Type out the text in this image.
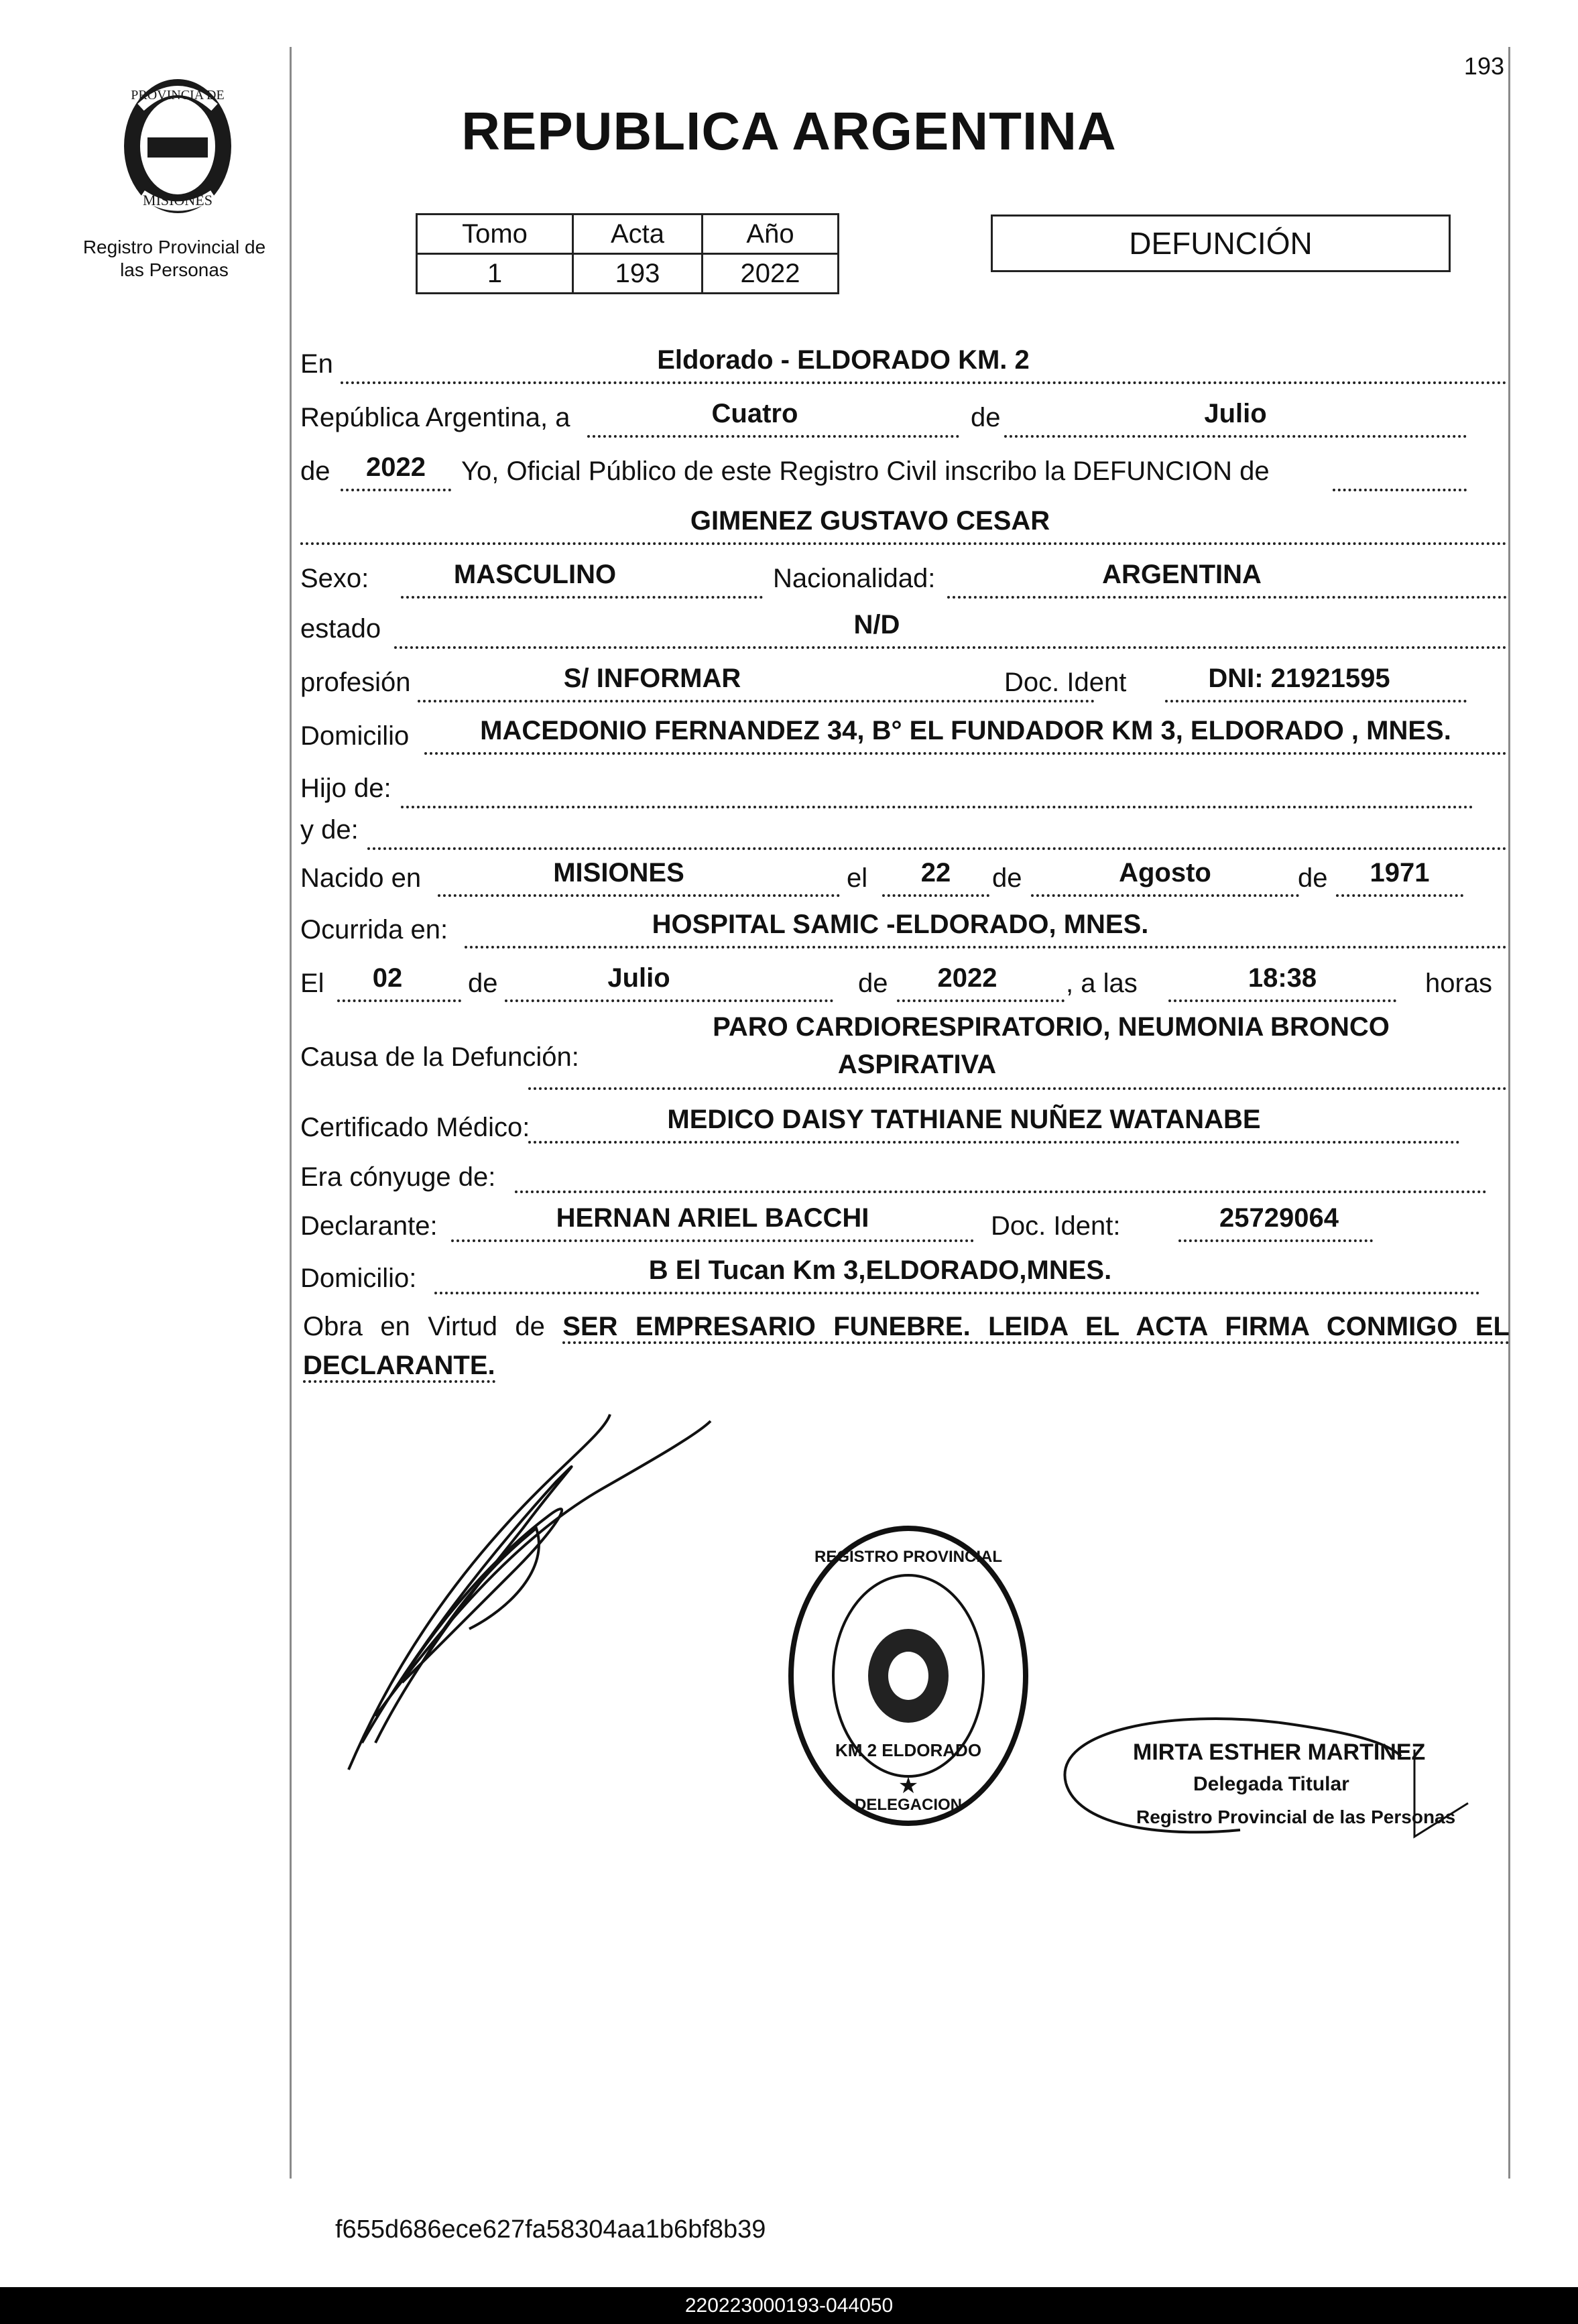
193
PROVINCIA DE
MISIONES
Registro Provincial de
las Personas
REPUBLICA ARGENTINA
Tomo	Acta	Año
1	193	2022
DEFUNCIÓN
En	Eldorado - ELDORADO KM. 2
República Argentina, a	Cuatro	de	Julio
de	2022	Yo, Oficial Público de este Registro Civil inscribo la DEFUNCION de
GIMENEZ GUSTAVO CESAR
Sexo:	MASCULINO	Nacionalidad:	ARGENTINA
estado	N/D
profesión	S/ INFORMAR	Doc. Ident	DNI: 21921595
Domicilio	MACEDONIO FERNANDEZ 34, B° EL FUNDADOR KM 3, ELDORADO , MNES.
Hijo de:
y de:
Nacido en	MISIONES	el	22	de	Agosto	de	1971
Ocurrida en:	HOSPITAL SAMIC -ELDORADO, MNES.
El	02	de	Julio	de	2022	, a las	18:38	horas
Causa de la Defunción:
PARO CARDIORESPIRATORIO, NEUMONIA BRONCO
ASPIRATIVA
Certificado Médico:	MEDICO DAISY TATHIANE NUÑEZ WATANABE
Era cónyuge de:
Declarante:	HERNAN ARIEL BACCHI	Doc. Ident:	25729064
Domicilio:	B El Tucan Km 3,ELDORADO,MNES.
Obra en Virtud de SER EMPRESARIO FUNEBRE. LEIDA EL ACTA FIRMA CONMIGO EL DECLARANTE.
REGISTRO PROVINCIAL
DELEGACION
KM 2 ELDORADO
★
MIRTA ESTHER MARTINEZ
Delegada Titular
Registro Provincial de las Personas
f655d686ece627fa58304aa1b6bf8b39
220223000193-044050
